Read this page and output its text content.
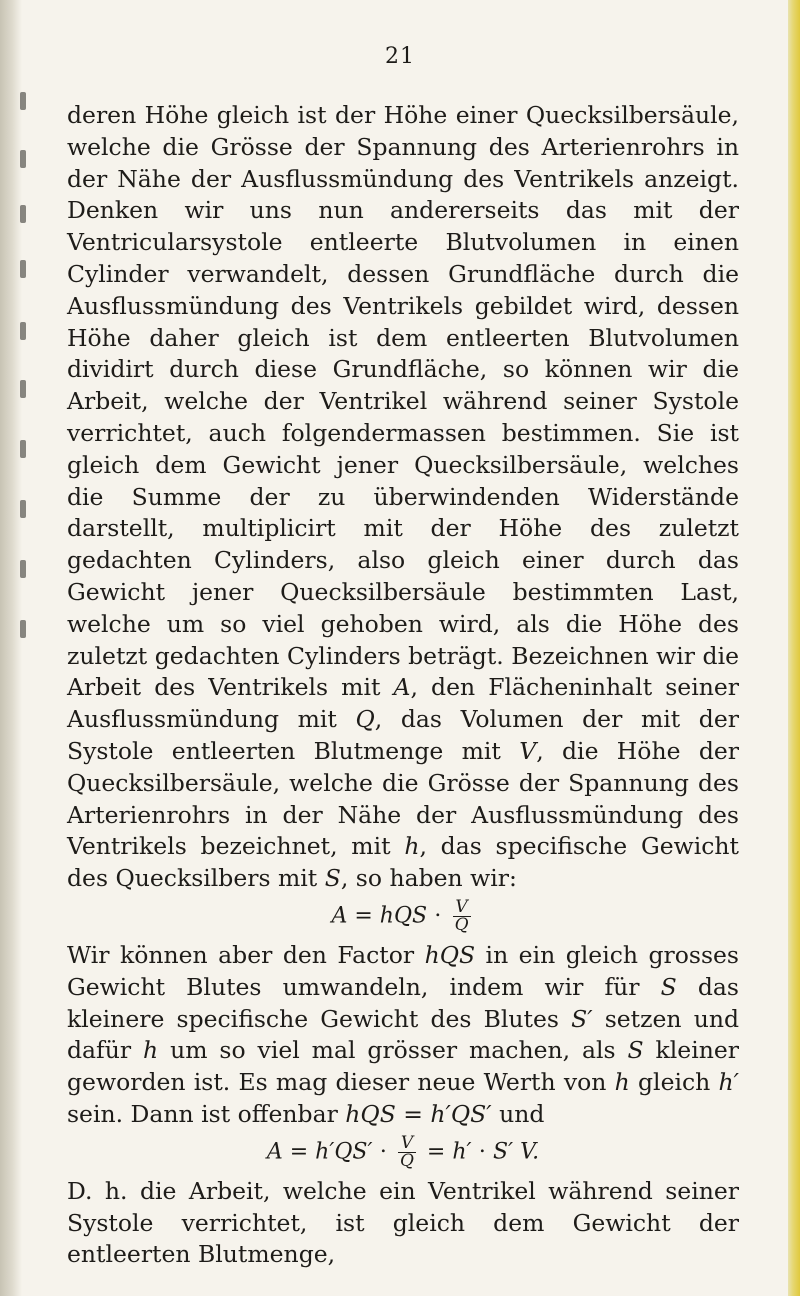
21

deren Höhe gleich ist der Höhe einer Quecksilbersäule, welche die Grösse der Spannung des Arterienrohrs in der Nähe der Ausflussmündung des Ventrikels anzeigt. Denken wir uns nun andererseits das mit der Ventricularsystole entleerte Blutvolumen in einen Cylinder verwandelt, dessen Grundfläche durch die Ausflussmündung des Ventrikels gebildet wird, dessen Höhe daher gleich ist dem entleerten Blutvolumen dividirt durch diese Grundfläche, so können wir die Arbeit, welche der Ventrikel während seiner Systole verrichtet, auch folgendermassen bestimmen. Sie ist gleich dem Gewicht jener Quecksilbersäule, welches die Summe der zu überwindenden Widerstände darstellt, multiplicirt mit der Höhe des zuletzt gedachten Cylinders, also gleich einer durch das Gewicht jener Quecksilbersäule bestimmten Last, welche um so viel gehoben wird, als die Höhe des zuletzt gedachten Cylinders beträgt. Bezeichnen wir die Arbeit des Ventrikels mit A, den Flächeninhalt seiner Ausflussmündung mit Q, das Volumen der mit der Systole entleerten Blutmenge mit V, die Höhe der Quecksilbersäule, welche die Grösse der Spannung des Arterienrohrs in der Nähe der Ausflussmündung des Ventrikels bezeichnet, mit h, das specifische Gewicht des Quecksilbers mit S, so haben wir:

A = hQS ⋅ $\frac{V}{Q}$

Wir können aber den Factor hQS in ein gleich grosses Gewicht Blutes umwandeln, indem wir für S das kleinere specifische Gewicht des Blutes S′ setzen und dafür h um so viel mal grösser machen, als S kleiner geworden ist. Es mag dieser neue Werth von h gleich h′ sein. Dann ist offenbar hQS = h′QS′ und

$A = h'QS' \cdot \frac{V}{Q} = h' \cdot S'$ V.

D. h. die Arbeit, welche ein Ventrikel während seiner Systole verrichtet, ist gleich dem Gewicht der entleerten Blutmenge,
